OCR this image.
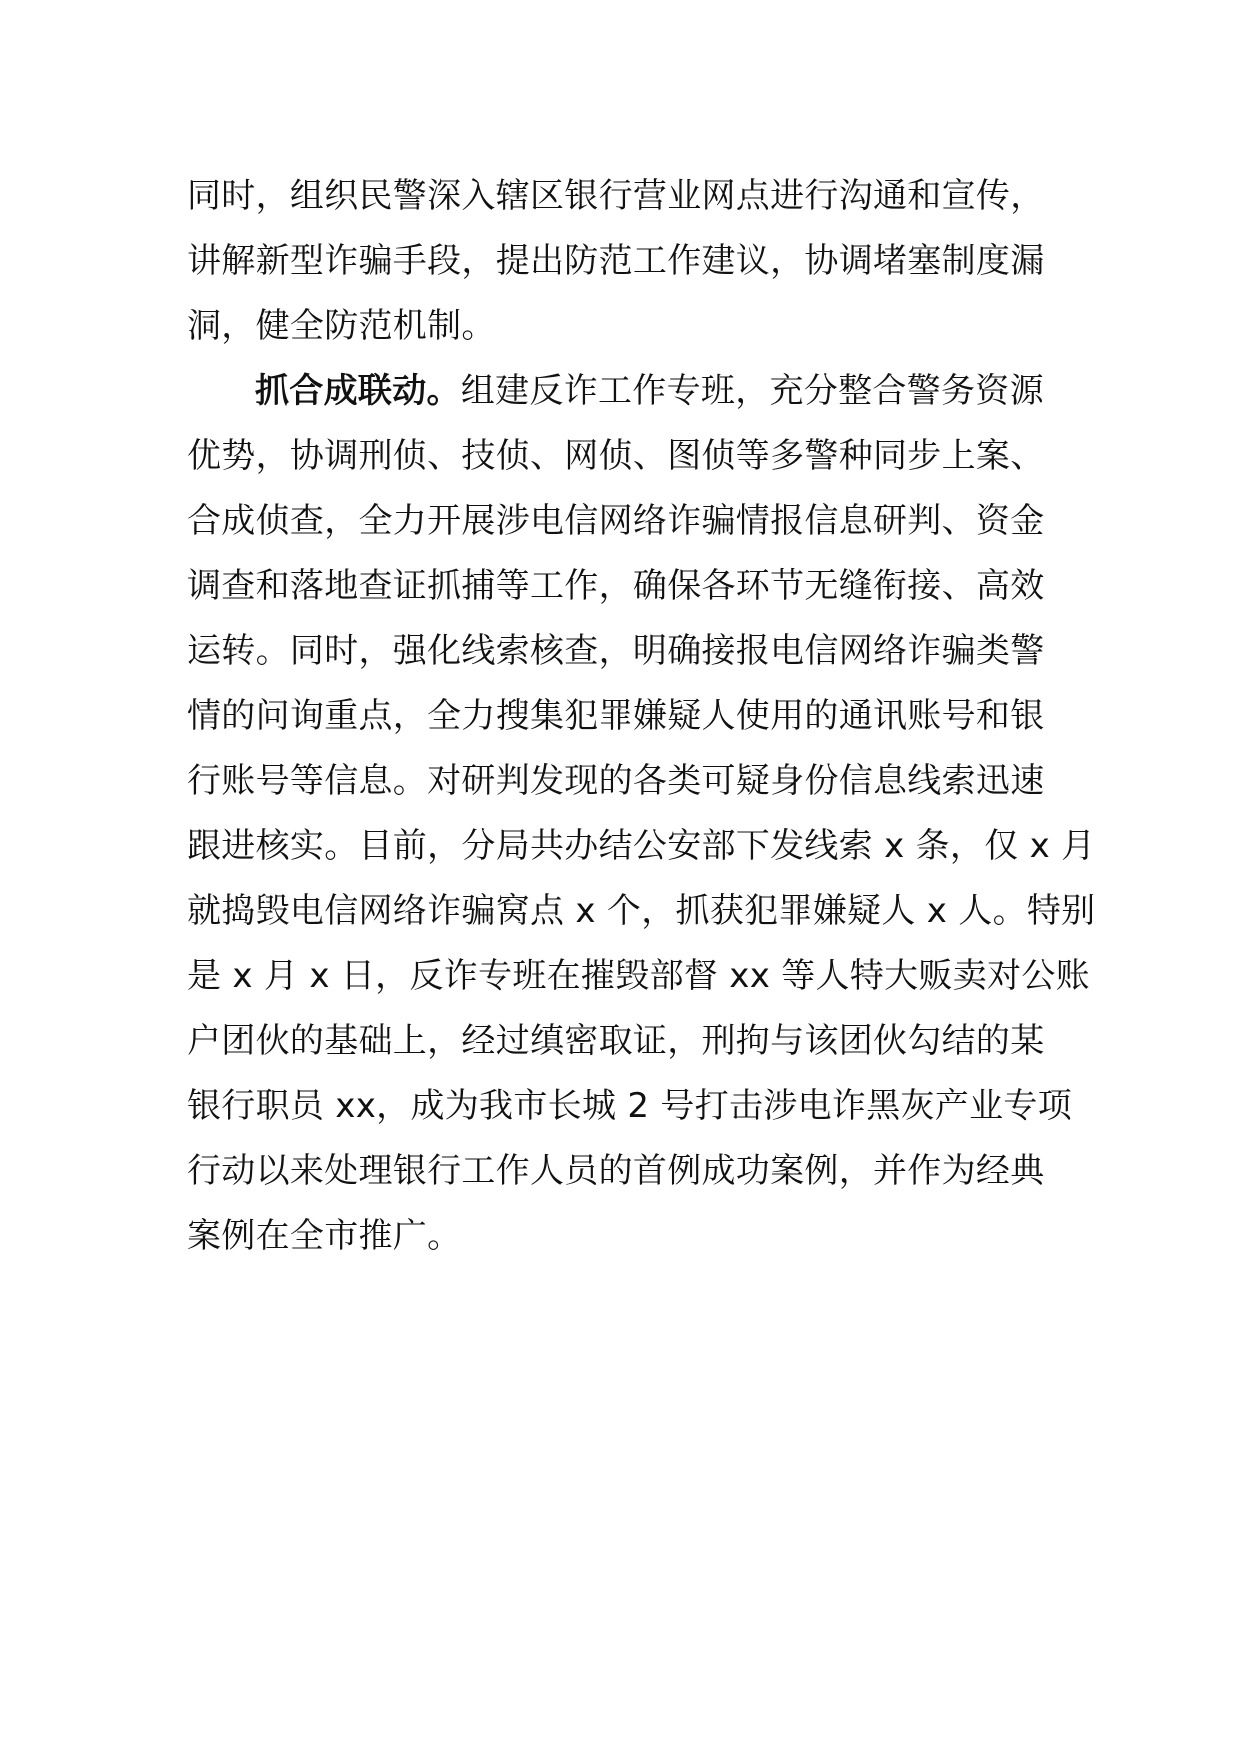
同时，组织民警深入辖区银行营业网点进行沟通和宣传，
讲解新型诈骗手段，提出防范工作建议，协调堵塞制度漏
洞，健全防范机制。
抓合成联动。组建反诈工作专班，充分整合警务资源
优势，协调刑侦、技侦、网侦、图侦等多警种同步上案、
合成侦查，全力开展涉电信网络诈骗情报信息研判、资金
调查和落地查证抓捕等工作，确保各环节无缝衔接、高效
运转。同时，强化线索核查，明确接报电信网络诈骗类警
情的问询重点，全力搜集犯罪嫌疑人使用的通讯账号和银
行账号等信息。对研判发现的各类可疑身份信息线索迅速
跟进核实。目前，分局共办结公安部下发线索 x 条，仅 x 月
就捣毁电信网络诈骗窝点 x 个，抓获犯罪嫌疑人 x 人。特别
是 x 月 x 日，反诈专班在摧毁部督 xx 等人特大贩卖对公账
户团伙的基础上，经过缜密取证，刑拘与该团伙勾结的某
银行职员 xx，成为我市长城 2 号打击涉电诈黑灰产业专项
行动以来处理银行工作人员的首例成功案例，并作为经典
案例在全市推广。
